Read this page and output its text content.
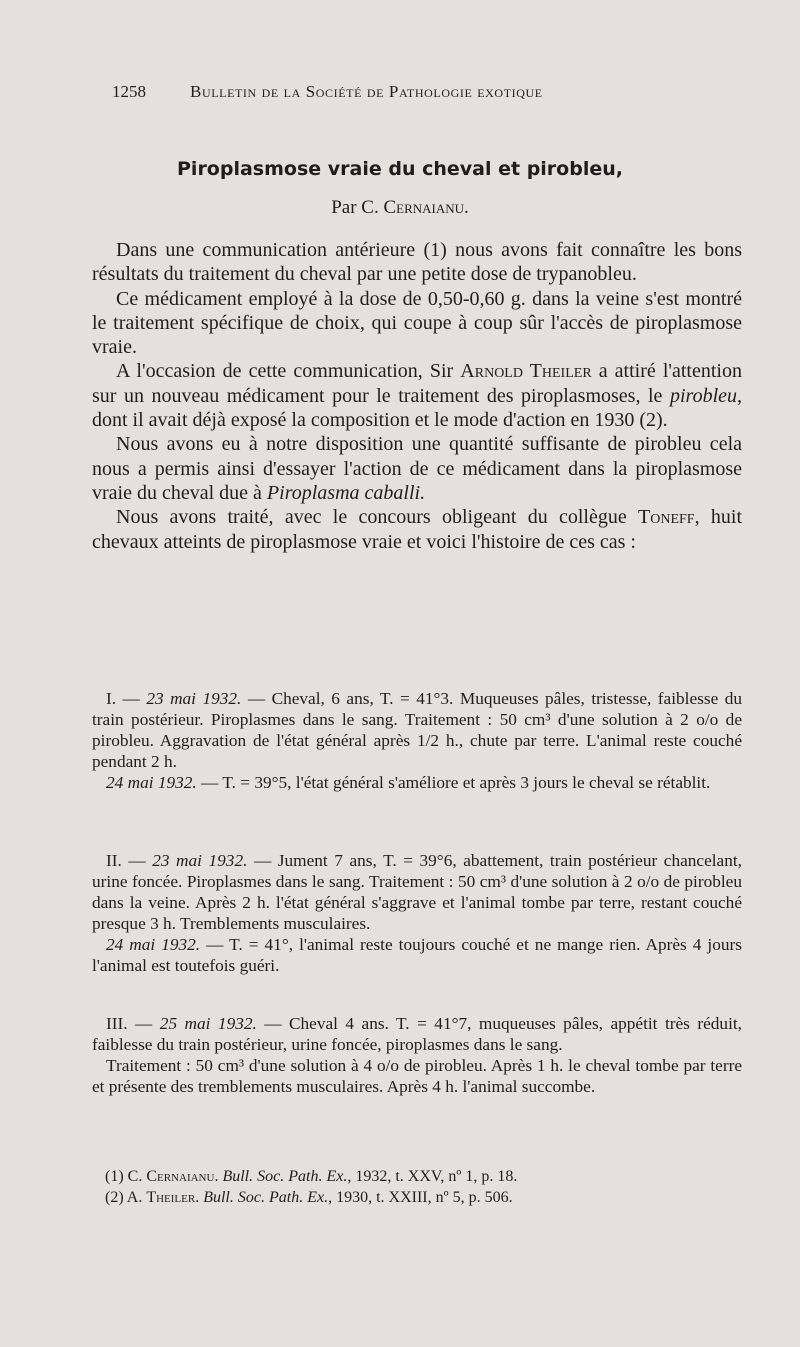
1258	Bulletin de la Société de Pathologie exotique
Piroplasmose vraie du cheval et pirobleu,
Par C. Cernaianu.

Dans une communication antérieure (1) nous avons fait connaître les bons résultats du traitement du cheval par une petite dose de trypanobleu.

Ce médicament employé à la dose de 0,50-0,60 g. dans la veine s'est montré le traitement spécifique de choix, qui coupe à coup sûr l'accès de piroplasmose vraie.

A l'occasion de cette communication, Sir Arnold Theiler a attiré l'attention sur un nouveau médicament pour le traitement des piroplasmoses, le pirobleu, dont il avait déjà exposé la composition et le mode d'action en 1930 (2).

Nous avons eu à notre disposition une quantité suffisante de pirobleu cela nous a permis ainsi d'essayer l'action de ce médicament dans la piroplasmose vraie du cheval due à Piroplasma caballi.

Nous avons traité, avec le concours obligeant du collègue Toneff, huit chevaux atteints de piroplasmose vraie et voici l'histoire de ces cas :

I. — 23 mai 1932. — Cheval, 6 ans, T. = 41°3. Muqueuses pâles, tristesse, faiblesse du train postérieur. Piroplasmes dans le sang. Traitement : 50 cm³ d'une solution à 2 o/o de pirobleu. Aggravation de l'état général après 1/2 h., chute par terre. L'animal reste couché pendant 2 h.

24 mai 1932. — T. = 39°5, l'état général s'améliore et après 3 jours le cheval se rétablit.

II. — 23 mai 1932. — Jument 7 ans, T. = 39°6, abattement, train postérieur chancelant, urine foncée. Piroplasmes dans le sang. Traitement : 50 cm³ d'une solution à 2 o/o de pirobleu dans la veine. Après 2 h. l'état général s'aggrave et l'animal tombe par terre, restant couché presque 3 h. Tremblements musculaires.

24 mai 1932. — T. = 41°, l'animal reste toujours couché et ne mange rien. Après 4 jours l'animal est toutefois guéri.

III. — 25 mai 1932. — Cheval 4 ans. T. = 41°7, muqueuses pâles, appétit très réduit, faiblesse du train postérieur, urine foncée, piroplasmes dans le sang.

Traitement : 50 cm³ d'une solution à 4 o/o de pirobleu. Après 1 h. le cheval tombe par terre et présente des tremblements musculaires. Après 4 h. l'animal succombe.

(1) C. Cernaianu. Bull. Soc. Path. Ex., 1932, t. XXV, nº 1, p. 18.
(2) A. Theiler. Bull. Soc. Path. Ex., 1930, t. XXIII, nº 5, p. 506.
